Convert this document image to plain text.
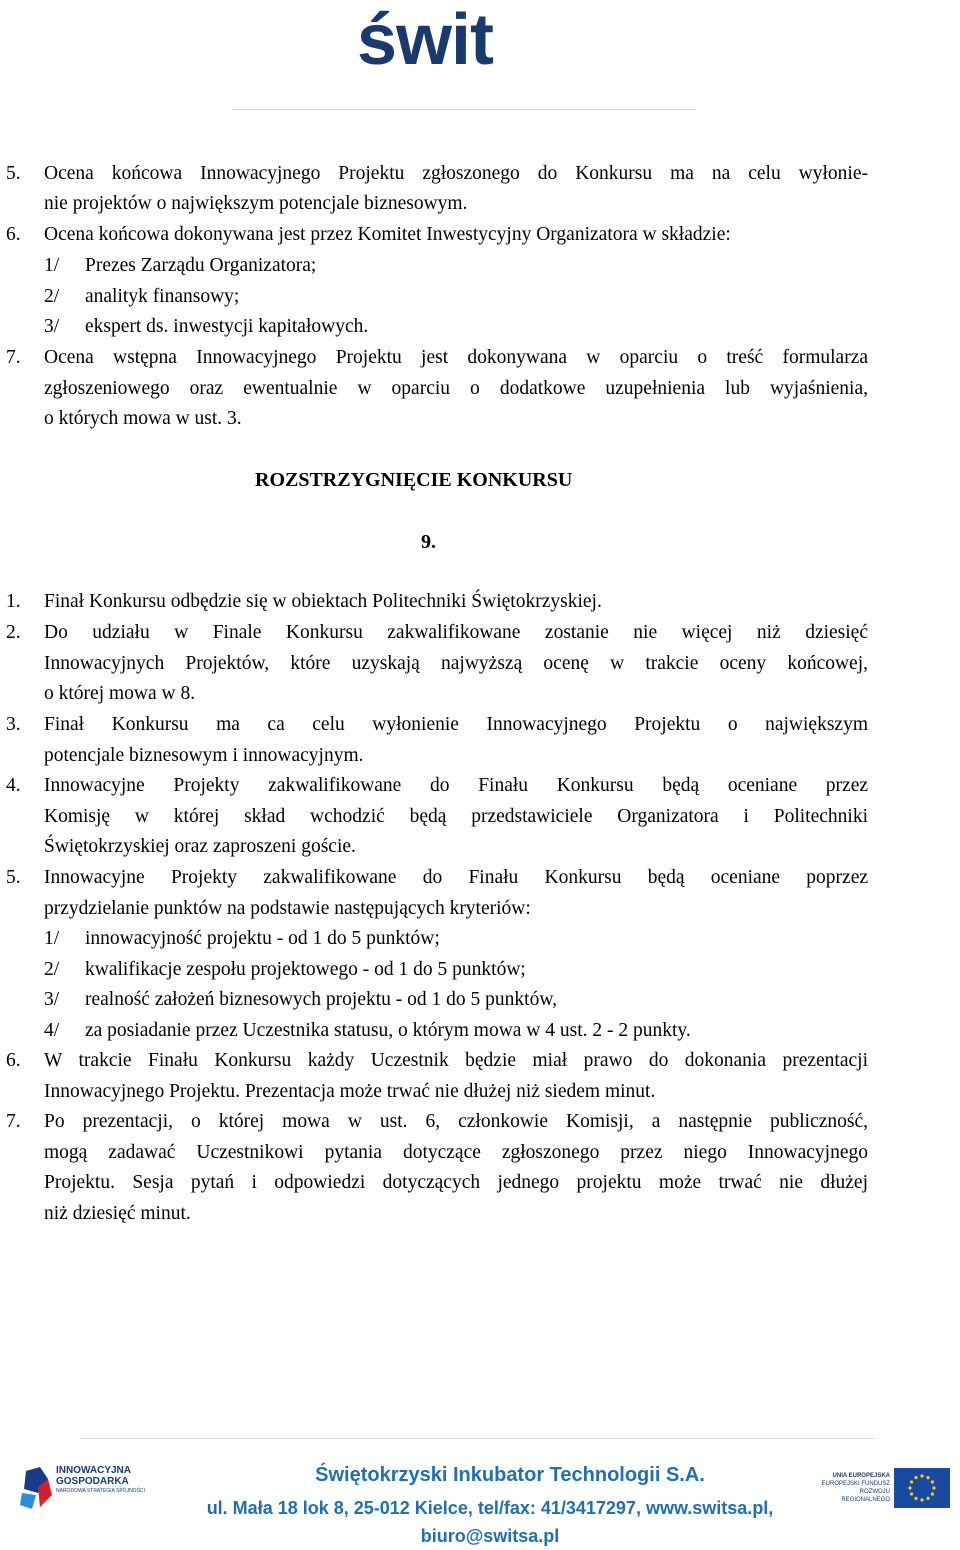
świt
5. Ocena końcowa Innowacyjnego Projektu zgłoszonego do Konkursu ma na celu wyłonie-
nie projektów o największym potencjale biznesowym.
6. Ocena końcowa dokonywana jest przez Komitet Inwestycyjny Organizatora w składzie:
1/ Prezes Zarządu Organizatora;
2/ analityk finansowy;
3/ ekspert ds. inwestycji kapitałowych.
7. Ocena wstępna Innowacyjnego Projektu jest dokonywana w oparciu o treść formularza
zgłoszeniowego oraz ewentualnie w oparciu o dodatkowe uzupełnienia lub wyjaśnienia,
o których mowa w ust. 3.
ROZSTRZYGNIĘCIE KONKURSU
9.
1. Finał Konkursu odbędzie się w obiektach Politechniki Świętokrzyskiej.
2. Do udziału w Finale Konkursu zakwalifikowane zostanie nie więcej niż dziesięć
Innowacyjnych Projektów, które uzyskają najwyższą ocenę w trakcie oceny końcowej,
o której mowa w 8.
3. Finał Konkursu ma ca celu wyłonienie Innowacyjnego Projektu o największym
potencjale biznesowym i innowacyjnym.
4. Innowacyjne Projekty zakwalifikowane do Finału Konkursu będą oceniane przez
Komisję w której skład wchodzić będą przedstawiciele Organizatora i Politechniki
Świętokrzyskiej oraz zaproszeni goście.
5. Innowacyjne Projekty zakwalifikowane do Finału Konkursu będą oceniane poprzez
przydzielanie punktów na podstawie następujących kryteriów:
1/ innowacyjność projektu - od 1 do 5 punktów;
2/ kwalifikacje zespołu projektowego - od 1 do 5 punktów;
3/ realność założeń biznesowych projektu - od 1 do 5 punktów,
4/ za posiadanie przez Uczestnika statusu, o którym mowa w 4 ust. 2 - 2 punkty.
6. W trakcie Finału Konkursu każdy Uczestnik będzie miał prawo do dokonania prezentacji
Innowacyjnego Projektu. Prezentacja może trwać nie dłużej niż siedem minut.
7. Po prezentacji, o której mowa w ust. 6, członkowie Komisji, a następnie publiczność,
mogą zadawać Uczestnikowi pytania dotyczące zgłoszonego przez niego Innowacyjnego
Projektu. Sesja pytań i odpowiedzi dotyczących jednego projektu może trwać nie dłużej
niż dziesięć minut.
INNOWACYJNA
GOSPODARKA
NARODOWA STRATEGIA SPÓJNOŚCI
Świętokrzyski Inkubator Technologii S.A.
ul. Mała 18 lok 8, 25-012 Kielce, tel/fax: 41/3417297, www.switsa.pl, biuro@switsa.pl
UNIA EUROPEJSKA
EUROPEJSKI FUNDUSZ
ROZWOJU REGIONALNEGO
